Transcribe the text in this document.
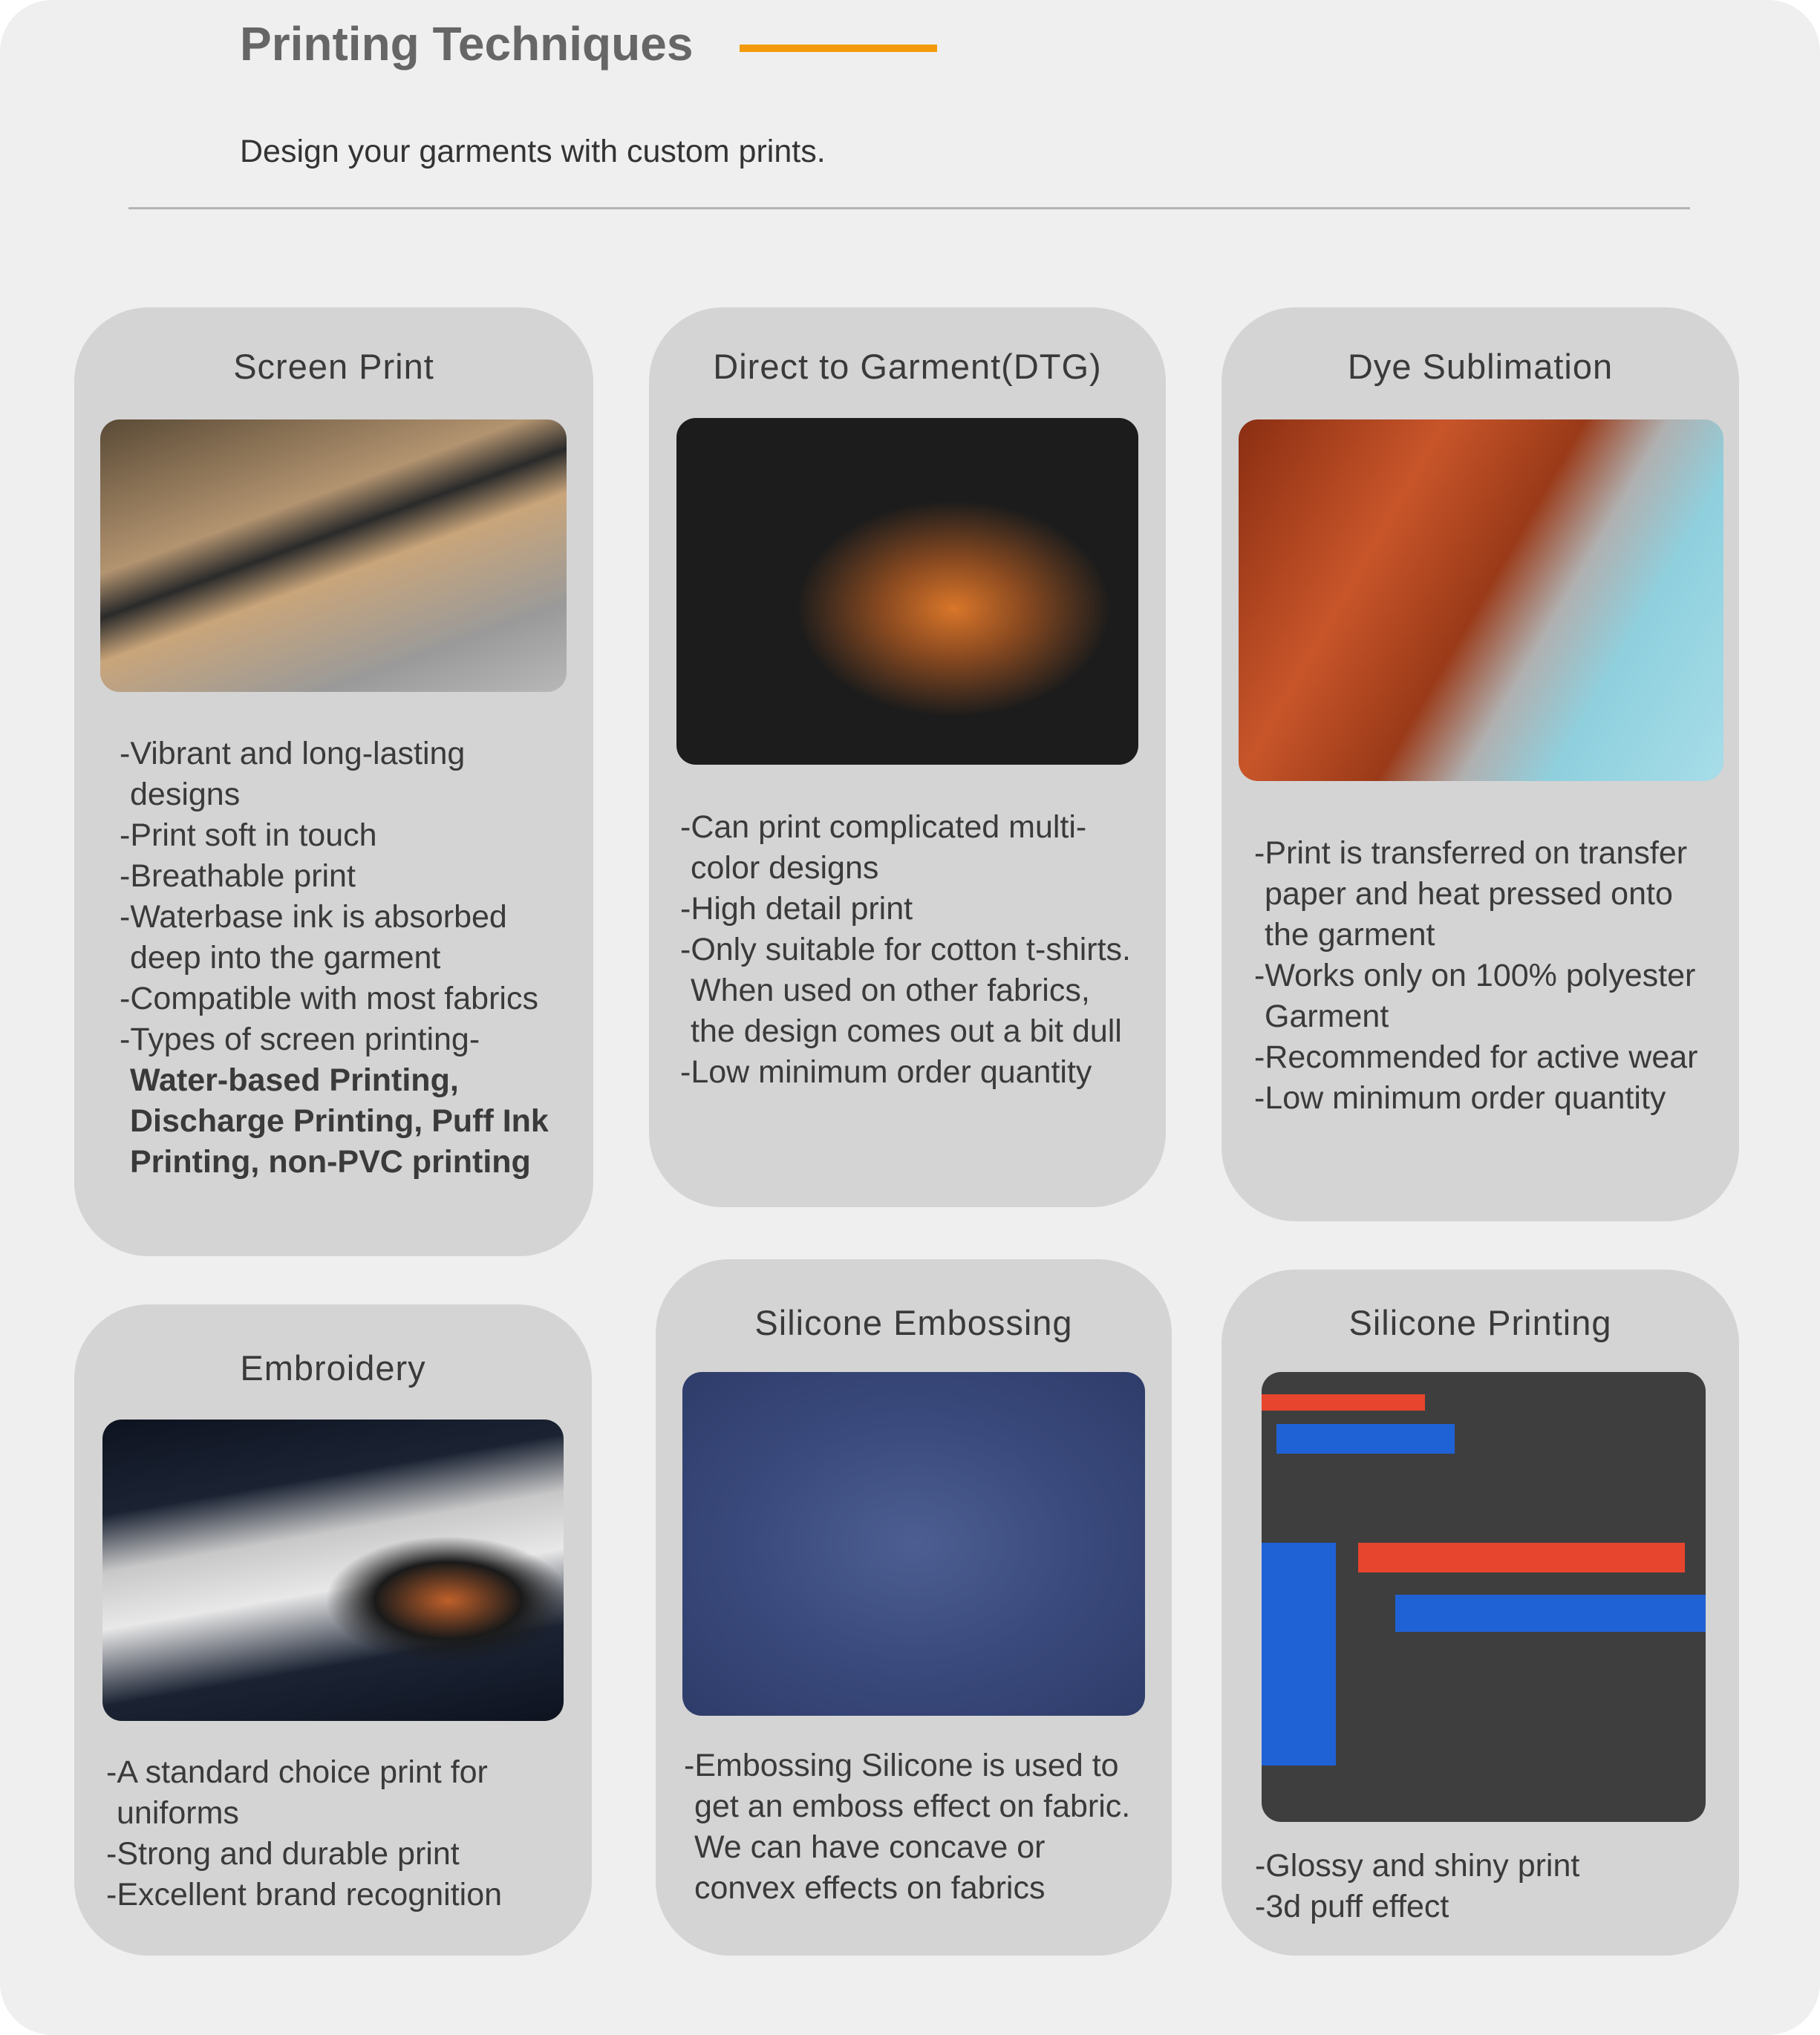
Printing Techniques
Design your garments with custom prints.
Screen Print
-Vibrant and long-lasting designs
-Print soft in touch
-Breathable print
-Waterbase ink is absorbed deep into the garment
-Compatible with most fabrics
-Types of screen printing-
Water-based Printing, Discharge Printing, Puff Ink Printing, non-PVC printing
Direct to Garment(DTG)
-Can print complicated multi-color designs
-High detail print
-Only suitable for cotton t-shirts. When used on other fabrics, the design comes out a bit dull
-Low minimum order quantity
Dye Sublimation
-Print is transferred on transfer paper and heat pressed onto the garment
-Works only on 100% polyester Garment
-Recommended for active wear
-Low minimum order quantity
Embroidery
-A standard choice print for uniforms
-Strong and durable print
-Excellent brand recognition
Silicone Embossing
-Embossing Silicone is used to get an emboss effect on fabric. We can have concave or convex effects on fabrics
Silicone Printing
-Glossy and shiny print
-3d puff effect
